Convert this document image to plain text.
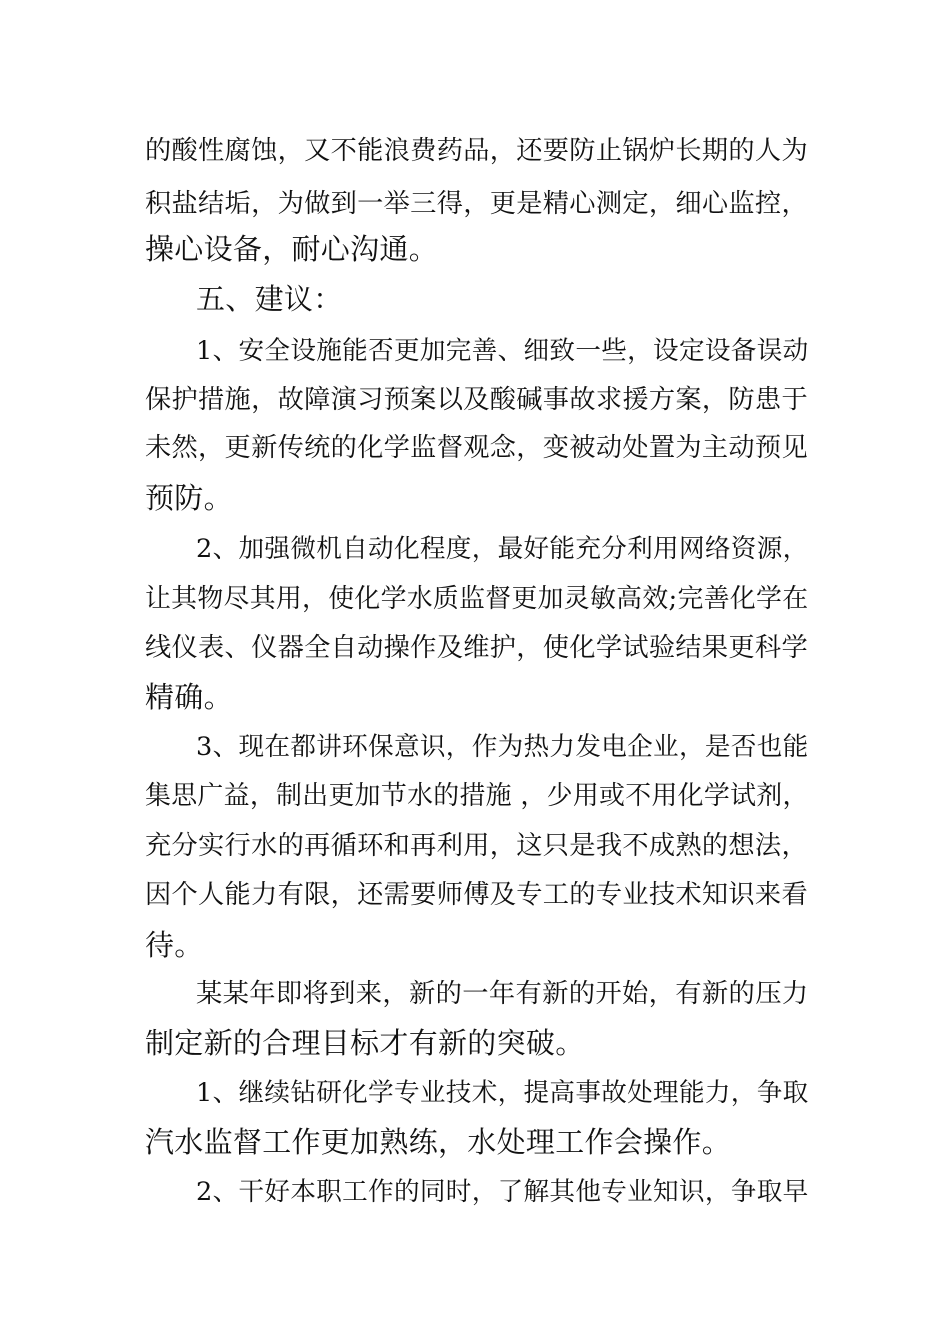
的酸性腐蚀，又不能浪费药品，还要防止锅炉长期的人为
积盐结垢，为做到一举三得，更是精心测定，细心监控，
操心设备，耐心沟通。
五、建议：
1、安全设施能否更加完善、细致一些，设定设备误动
保护措施，故障演习预案以及酸碱事故求援方案，防患于
未然，更新传统的化学监督观念，变被动处置为主动预见
预防。
2、加强微机自动化程度，最好能充分利用网络资源，
让其物尽其用，使化学水质监督更加灵敏高效;完善化学在
线仪表、仪器全自动操作及维护，使化学试验结果更科学
精确。
3、现在都讲环保意识，作为热力发电企业，是否也能
集思广益，制出更加节水的措施 ，少用或不用化学试剂，
充分实行水的再循环和再利用，这只是我不成熟的想法，
因个人能力有限，还需要师傅及专工的专业技术知识来看
待。
某某年即将到来，新的一年有新的开始，有新的压力
制定新的合理目标才有新的突破。
1、继续钻研化学专业技术，提高事故处理能力，争取
汽水监督工作更加熟练，水处理工作会操作。
2、干好本职工作的同时，了解其他专业知识，争取早
